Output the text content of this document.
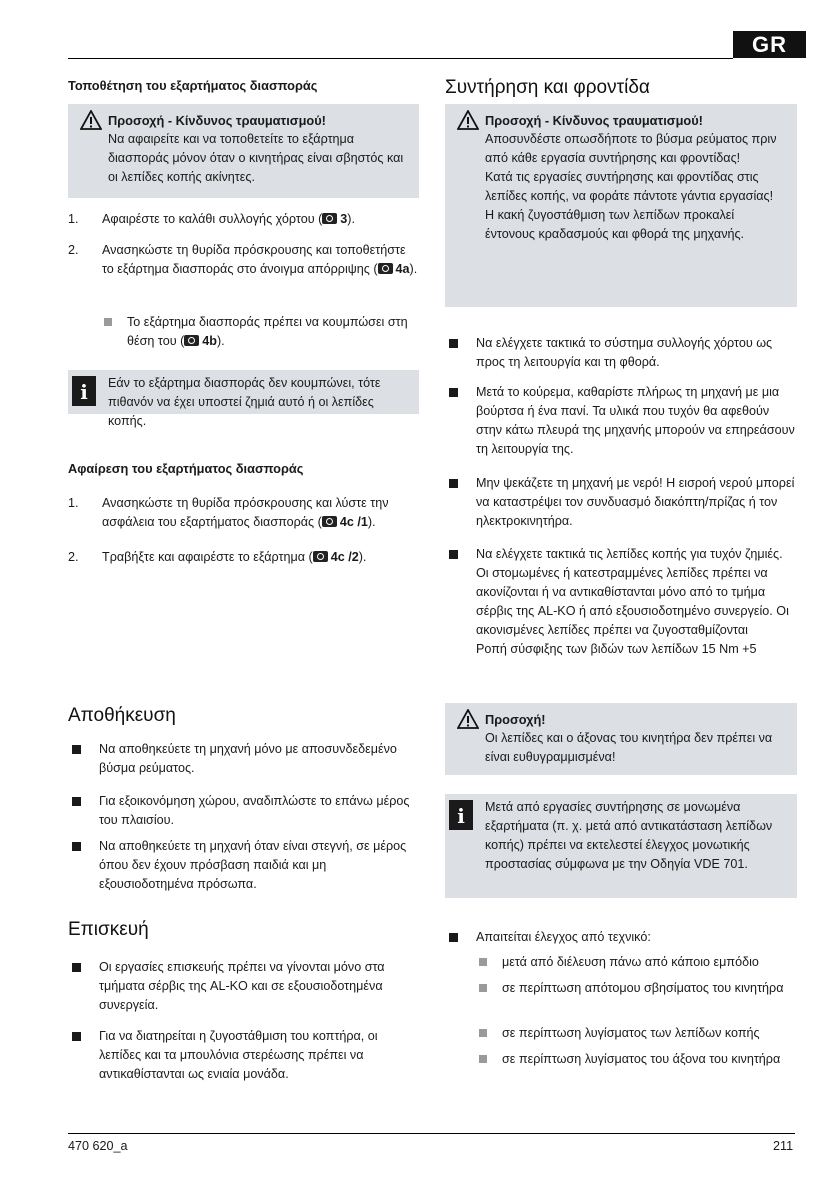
GR

Τοποθέτηση του εξαρτήματος διασποράς

Προσοχή - Κίνδυνος τραυματισμού!

Να αφαιρείτε και να τοποθετείτε το εξάρτημα διασποράς μόνον όταν ο κινητήρας είναι σβηστός και οι λεπίδες κοπής ακίνητες.

1.	Αφαιρέστε το καλάθι συλλογής χόρτου ( 3).
2.	Ανασηκώστε τη θυρίδα πρόσκρουσης και τοποθετήστε το εξάρτημα διασποράς στο άνοιγμα απόρριψης ( 4a).
Το εξάρτημα διασποράς πρέπει να κουμπώσει στη θέση του ( 4b).
i	Εάν το εξάρτημα διασποράς δεν κουμπώνει, τότε πιθανόν να έχει υποστεί ζημιά αυτό ή οι λεπίδες κοπής.

Αφαίρεση του εξαρτήματος διασποράς

1.	Ανασηκώστε τη θυρίδα πρόσκρουσης και λύστε την ασφάλεια του εξαρτήματος διασποράς ( 4c /1).
2.	Τραβήξτε και αφαιρέστε το εξάρτημα ( 4c /2).

Αποθήκευση

Να αποθηκεύετε τη μηχανή μόνο με αποσυνδεδεμένο βύσμα ρεύματος.
Για εξοικονόμηση χώρου, αναδιπλώστε το επάνω μέρος του πλαισίου.
Να αποθηκεύετε τη μηχανή όταν είναι στεγνή, σε μέρος όπου δεν έχουν πρόσβαση παιδιά και μη εξουσιοδοτημένα πρόσωπα.

Επισκευή

Οι εργασίες επισκευής πρέπει να γίνονται μόνο στα τμήματα σέρβις της AL-KO και σε εξουσιοδοτημένα συνεργεία.
Για να διατηρείται η ζυγοστάθμιση του κοπτήρα, οι λεπίδες και τα μπουλόνια στερέωσης πρέπει να αντικαθίστανται ως ενιαία μονάδα.

Συντήρηση και φροντίδα

Προσοχή - Κίνδυνος τραυματισμού!

Αποσυνδέστε οπωσδήποτε το βύσμα ρεύματος πριν από κάθε εργασία συντήρησης και φροντίδας!

Κατά τις εργασίες συντήρησης και φροντίδας στις λεπίδες κοπής, να φοράτε πάντοτε γάντια εργασίας!

Η κακή ζυγοστάθμιση των λεπίδων προκαλεί έντονους κραδασμούς και φθορά της μηχανής.

Να ελέγχετε τακτικά το σύστημα συλλογής χόρτου ως προς τη λειτουργία και τη φθορά.
Μετά το κούρεμα, καθαρίστε πλήρως τη μηχανή με μια βούρτσα ή ένα πανί. Τα υλικά που τυχόν θα αφεθούν στην κάτω πλευρά της μηχανής μπορούν να επηρεάσουν τη λειτουργία της.
Μην ψεκάζετε τη μηχανή με νερό! Η εισροή νερού μπορεί να καταστρέψει τον συνδυασμό διακόπτη/πρίζας ή τον ηλεκτροκινητήρα.
Να ελέγχετε τακτικά τις λεπίδες κοπής για τυχόν ζημιές. Οι στομωμένες ή κατεστραμμένες λεπίδες πρέπει να ακονίζονται ή να αντικαθίστανται μόνο από το τμήμα σέρβις της AL-KO ή από εξουσιοδοτημένο συνεργείο. Οι ακονισμένες λεπίδες πρέπει να ζυγοσταθμίζονται
Ροπή σύσφιξης των βιδών των λεπίδων 15 Nm +5
Προσοχή!

Οι λεπίδες και ο άξονας του κινητήρα δεν πρέπει να είναι ευθυγραμμισμένα!

i	Μετά από εργασίες συντήρησης σε μονωμένα εξαρτήματα (π. χ. μετά από αντικατάσταση λεπίδων κοπής) πρέπει να εκτελεστεί έλεγχος μονωτικής προστασίας σύμφωνα με την Οδηγία VDE 701.

Απαιτείται έλεγχος από τεχνικό:
μετά από διέλευση πάνω από κάποιο εμπόδιο
σε περίπτωση απότομου σβησίματος του κινητήρα
σε περίπτωση λυγίσματος των λεπίδων κοπής
σε περίπτωση λυγίσματος του άξονα του κινητήρα
470 620_a	211
